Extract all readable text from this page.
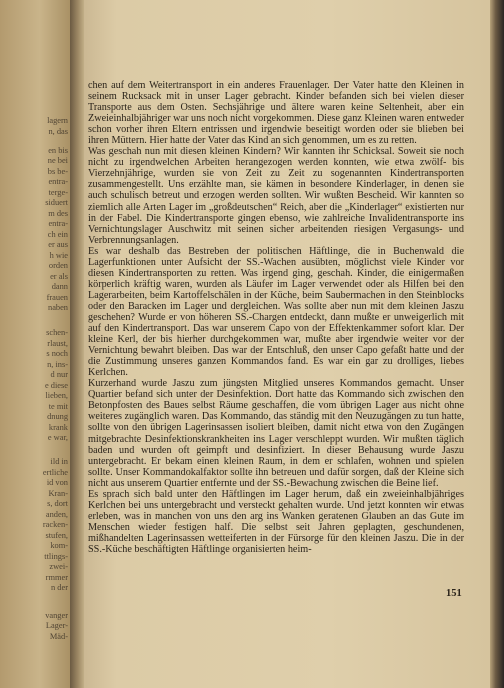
lagern
n, das
en bis
ne bei
bs be-
entra-
terge-
siduert
m des
entra-
ch ein
er aus
h wie
orden
er als
dann
frauen
naben
schen-
rlaust,
s noch
n, ins-
d nur
e diese
lieben,
te mit
dnung
krank
e war,
ild in
ertliche
id von
Kran-
s, dort
anden,
racken-
stufen,
kom-
ttlings-
zwei-
rmmer
n der
vanger
Lager-
Mäd-

chen auf dem Weitertransport in ein anderes Frauenlager. Der Vater hatte den Kleinen in seinem Rucksack mit in unser Lager gebracht. Kinder befanden sich bei vielen dieser Transporte aus dem Osten. Sechsjährige und ältere waren keine Seltenheit, aber ein Zweieinhalbjähriger war uns noch nicht vorgekommen. Diese ganz Kleinen waren entweder schon vorher ihren Eltern entrissen und irgendwie beseitigt worden oder sie blieben bei ihren Müttern. Hier hatte der Vater das Kind an sich genommen, um es zu retten.

Was geschah nun mit diesen kleinen Kindern? Wir kannten ihr Schicksal. Soweit sie noch nicht zu irgendwelchen Arbeiten herangezogen werden konnten, wie etwa zwölf- bis Vierzehnjährige, wurden sie von Zeit zu Zeit zu sogenannten Kindertransporten zusammengestellt. Uns erzählte man, sie kämen in besondere Kinderlager, in denen sie auch schulisch betreut und erzogen werden sollten. Wir wußten Bescheid. Wir kannten so ziemlich alle Arten Lager im „großdeutschen“ Reich, aber die „Kinderlager“ existierten nur in der Fabel. Die Kindertransporte gingen ebenso, wie zahlreiche Invalidentransporte ins Vernichtungslager Auschwitz mit seinen sicher arbeitenden riesigen Vergasungs- und Verbrennungsanlagen.

Es war deshalb das Bestreben der politischen Häftlinge, die in Buchenwald die Lagerfunktionen unter Aufsicht der SS.-Wachen ausübten, möglichst viele Kinder vor diesen Kindertransporten zu retten. Was irgend ging, geschah. Kinder, die einigermaßen körperlich kräftig waren, wurden als Läufer im Lager verwendet oder als Hilfen bei den Lagerarbeiten, beim Kartoffelschälen in der Küche, beim Saubermachen in den Steinblocks oder den Baracken im Lager und dergleichen. Was sollte aber nun mit dem kleinen Jaszu geschehen? Wurde er von höheren SS.-Chargen entdeckt, dann mußte er unweigerlich mit auf den Kindertransport. Das war unserem Capo von der Effektenkammer sofort klar. Der kleine Kerl, der bis hierher durchgekommen war, mußte aber irgendwie weiter vor der Vernichtung bewahrt bleiben. Das war der Entschluß, den unser Capo gefaßt hatte und der die Zustimmung unseres ganzen Kommandos fand. Es war ein gar zu drolliges, liebes Kerlchen.

Kurzerhand wurde Jaszu zum jüngsten Mitglied unseres Kommandos gemacht. Unser Quartier befand sich unter der Desinfektion. Dort hatte das Kommando sich zwischen den Betonpfosten des Baues selbst Räume geschaffen, die vom übrigen Lager aus nicht ohne weiteres zugänglich waren. Das Kommando, das ständig mit den Neuzugängen zu tun hatte, sollte von den übrigen Lagerinsassen isoliert bleiben, damit nicht etwa von den Zugängen mitgebrachte Desinfektionskrankheiten ins Lager verschleppt wurden. Wir mußten täglich baden und wurden oft geimpft und desinfiziert. In dieser Behausung wurde Jaszu untergebracht. Er bekam einen kleinen Raum, in dem er schlafen, wohnen und spielen sollte. Unser Kommandokalfaktor sollte ihn betreuen und dafür sorgen, daß der Kleine sich nicht aus unserem Quartier entfernte und der SS.-Bewachung zwischen die Beine lief.

Es sprach sich bald unter den Häftlingen im Lager herum, daß ein zweieinhalbjähriges Kerlchen bei uns untergebracht und versteckt gehalten wurde. Und jetzt konnten wir etwas erleben, was in manchen von uns den arg ins Wanken geratenen Glauben an das Gute im Menschen wieder festigen half. Die selbst seit Jahren geplagten, geschundenen, mißhandelten Lagerinsassen wetteiferten in der Fürsorge für den kleinen Jaszu. Die in der SS.-Küche beschäftigten Häftlinge organisierten heim-

151
